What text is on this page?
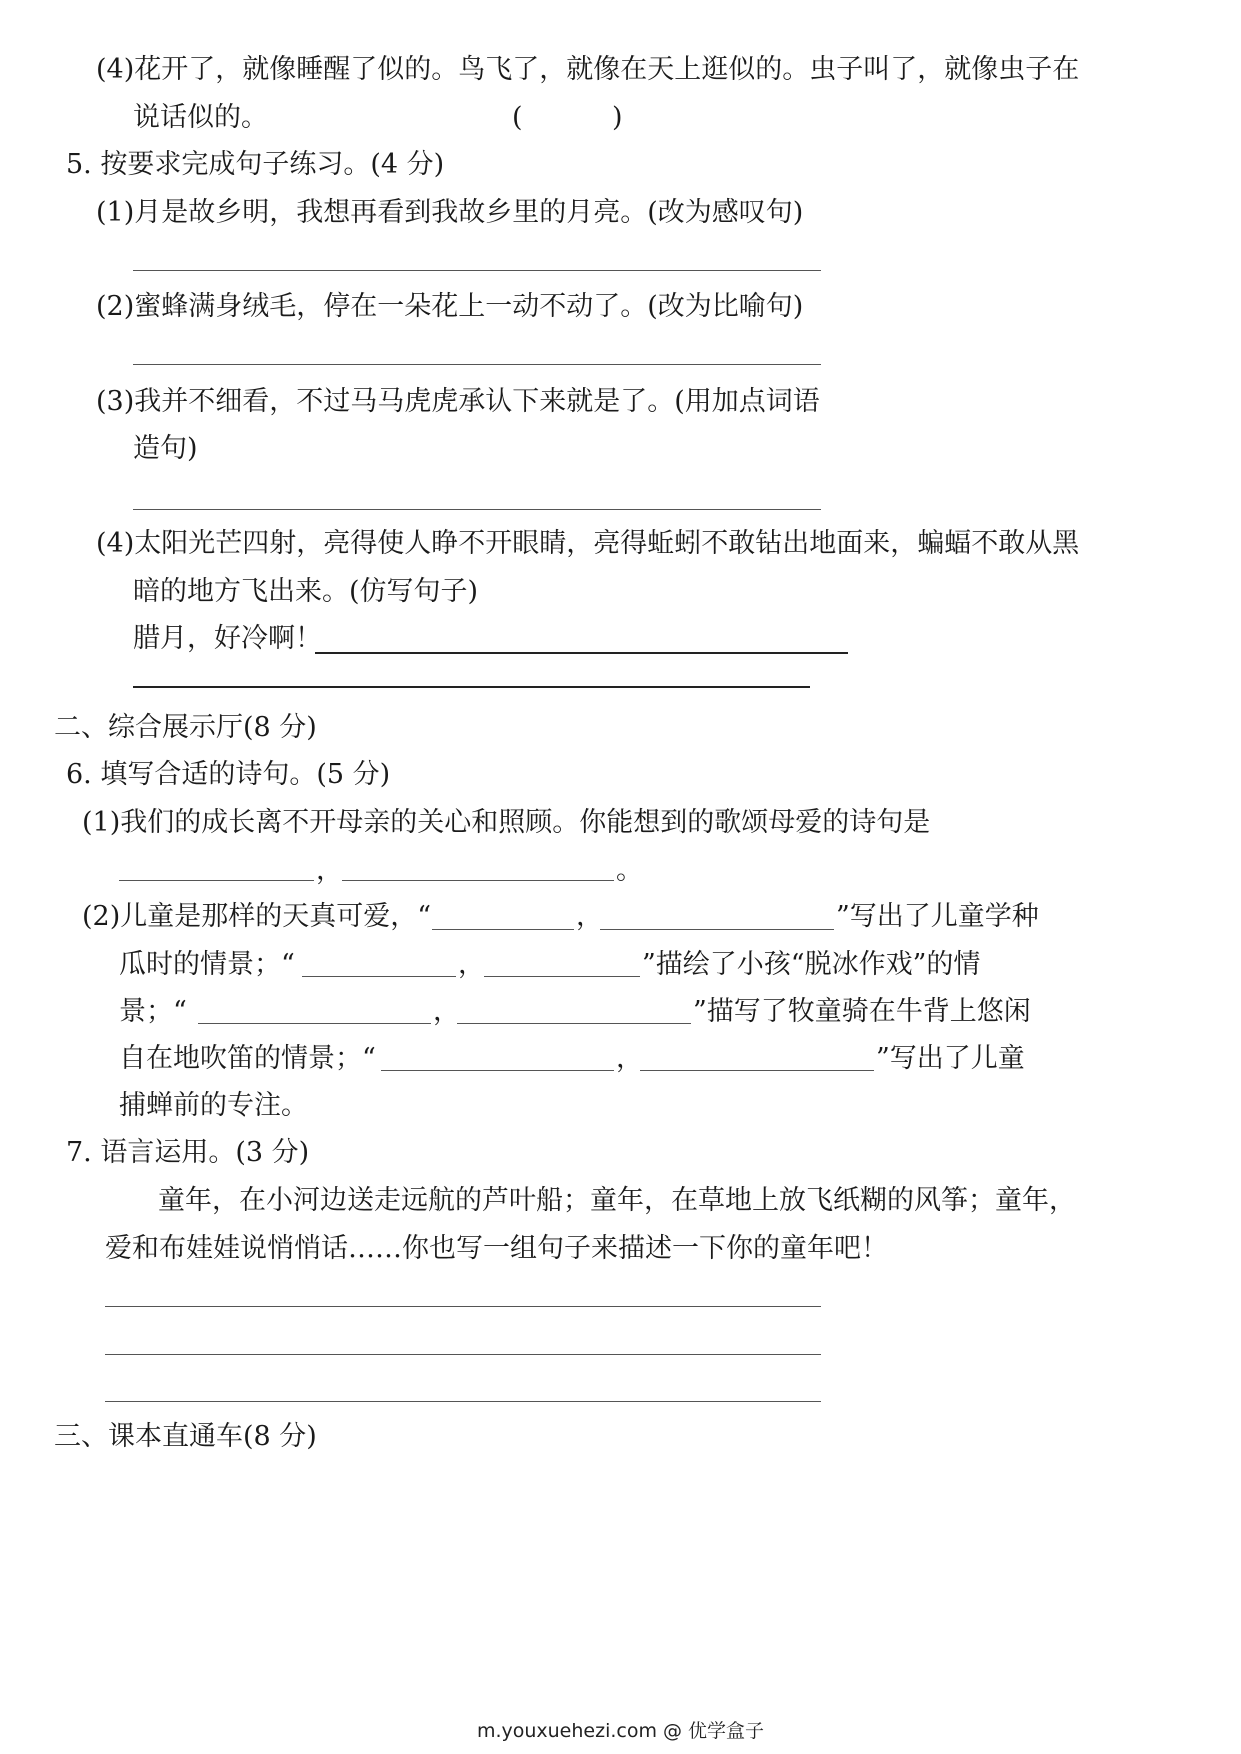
(4)花开了，就像睡醒了似的。鸟飞了，就像在天上逛似的。虫子叫了，就像虫子在
说话似的。	(	)
5. 按要求完成句子练习。(4 分)
(1)月是故乡明，我想再看到我故乡里的月亮。(改为感叹句)
(2)蜜蜂满身绒毛，停在一朵花上一动不动了。(改为比喻句)
(3)我并不细看，不过马马虎虎承认下来就是了。(用加点词语
造句)
(4)太阳光芒四射，亮得使人睁不开眼睛，亮得蚯蚓不敢钻出地面来，蝙蝠不敢从黑
暗的地方飞出来。(仿写句子)
腊月，好冷啊！
二、综合展示厅(8 分)
6. 填写合适的诗句。(5 分)
(1)我们的成长离不开母亲的关心和照顾。你能想到的歌颂母爱的诗句是
，	。
(2)儿童是那样的天真可爱，“	，	”写出了儿童学种
瓜时的情景；“	，	”描绘了小孩“脱冰作戏”的情
景；“	，	”描写了牧童骑在牛背上悠闲
自在地吹笛的情景；“	，	”写出了儿童
捕蝉前的专注。
7. 语言运用。(3 分)
童年，在小河边送走远航的芦叶船；童年，在草地上放飞纸糊的风筝；童年，
爱和布娃娃说悄悄话……你也写一组句子来描述一下你的童年吧！
三、课本直通车(8 分)
m.youxuehezi.com @ 优学盒子
